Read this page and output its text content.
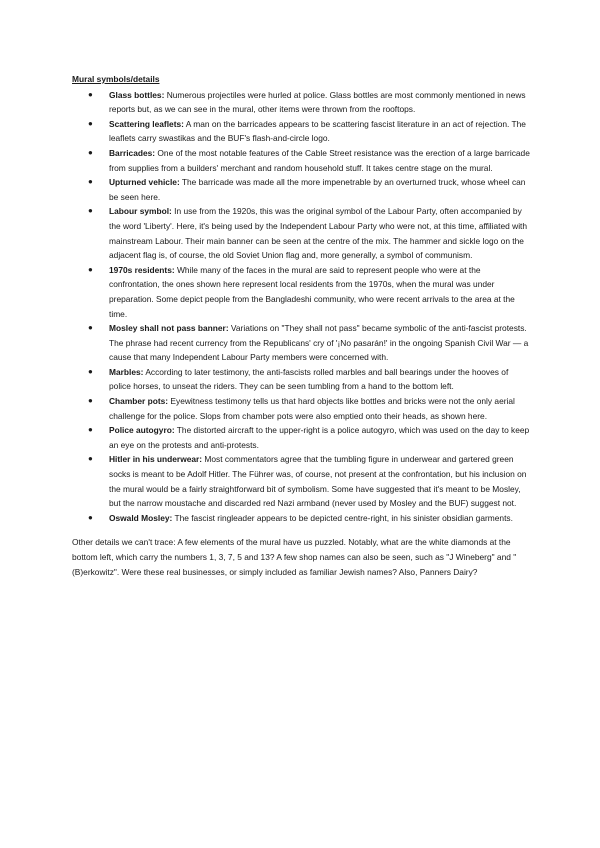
Mural symbols/details
● Glass bottles: Numerous projectiles were hurled at police. Glass bottles are most commonly mentioned in news reports but, as we can see in the mural, other items were thrown from the rooftops.
● Scattering leaflets: A man on the barricades appears to be scattering fascist literature in an act of rejection. The leaflets carry swastikas and the BUF's flash-and-circle logo.
● Barricades: One of the most notable features of the Cable Street resistance was the erection of a large barricade from supplies from a builders' merchant and random household stuff. It takes centre stage on the mural.
● Upturned vehicle: The barricade was made all the more impenetrable by an overturned truck, whose wheel can be seen here.
● Labour symbol: In use from the 1920s, this was the original symbol of the Labour Party, often accompanied by the word 'Liberty'. Here, it's being used by the Independent Labour Party who were not, at this time, affiliated with mainstream Labour. Their main banner can be seen at the centre of the mix. The hammer and sickle logo on the adjacent flag is, of course, the old Soviet Union flag and, more generally, a symbol of communism.
● 1970s residents: While many of the faces in the mural are said to represent people who were at the confrontation, the ones shown here represent local residents from the 1970s, when the mural was under preparation. Some depict people from the Bangladeshi community, who were recent arrivals to the area at the time.
● Mosley shall not pass banner: Variations on "They shall not pass" became symbolic of the anti-fascist protests. The phrase had recent currency from the Republicans' cry of '¡No pasarán!' in the ongoing Spanish Civil War — a cause that many Independent Labour Party members were concerned with.
● Marbles: According to later testimony, the anti-fascists rolled marbles and ball bearings under the hooves of police horses, to unseat the riders. They can be seen tumbling from a hand to the bottom left.
● Chamber pots: Eyewitness testimony tells us that hard objects like bottles and bricks were not the only aerial challenge for the police. Slops from chamber pots were also emptied onto their heads, as shown here.
● Police autogyro: The distorted aircraft to the upper-right is a police autogyro, which was used on the day to keep an eye on the protests and anti-protests.
● Hitler in his underwear: Most commentators agree that the tumbling figure in underwear and gartered green socks is meant to be Adolf Hitler. The Führer was, of course, not present at the confrontation, but his inclusion on the mural would be a fairly straightforward bit of symbolism. Some have suggested that it's meant to be Mosley, but the narrow moustache and discarded red Nazi armband (never used by Mosley and the BUF) suggest not.
● Oswald Mosley: The fascist ringleader appears to be depicted centre-right, in his sinister obsidian garments.

Other details we can't trace: A few elements of the mural have us puzzled. Notably, what are the white diamonds at the bottom left, which carry the numbers 1, 3, 7, 5 and 13? A few shop names can also be seen, such as "J Wineberg" and "(B)erkowitz". Were these real businesses, or simply included as familiar Jewish names? Also, Panners Dairy?
